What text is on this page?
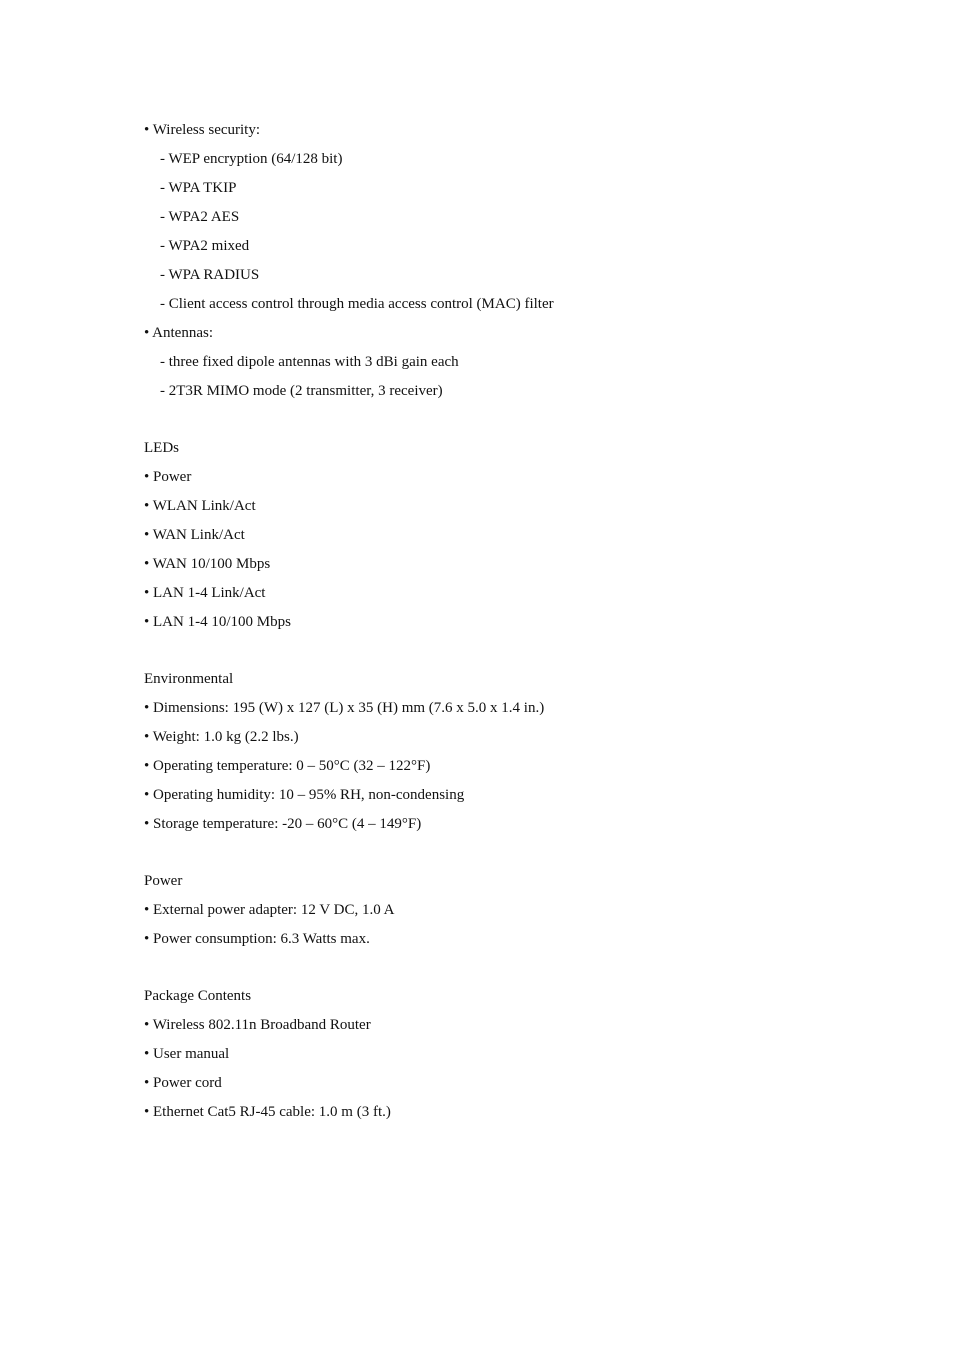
• Wireless security:
- WEP encryption (64/128 bit)
- WPA TKIP
- WPA2 AES
- WPA2 mixed
- WPA RADIUS
- Client access control through media access control (MAC) filter
• Antennas:
- three fixed dipole antennas with 3 dBi gain each
- 2T3R MIMO mode (2 transmitter, 3 receiver)
LEDs
• Power
• WLAN Link/Act
• WAN Link/Act
• WAN 10/100 Mbps
• LAN 1-4 Link/Act
• LAN 1-4 10/100 Mbps
Environmental
• Dimensions: 195 (W) x 127 (L) x 35 (H) mm (7.6 x 5.0 x 1.4 in.)
• Weight: 1.0 kg (2.2 lbs.)
• Operating temperature: 0 – 50°C (32 – 122°F)
• Operating humidity: 10 – 95% RH, non-condensing
• Storage temperature: -20 – 60°C (4 – 149°F)
Power
• External power adapter: 12 V DC, 1.0 A
• Power consumption: 6.3 Watts max.
Package Contents
• Wireless 802.11n Broadband Router
• User manual
• Power cord
• Ethernet Cat5 RJ-45 cable: 1.0 m (3 ft.)
